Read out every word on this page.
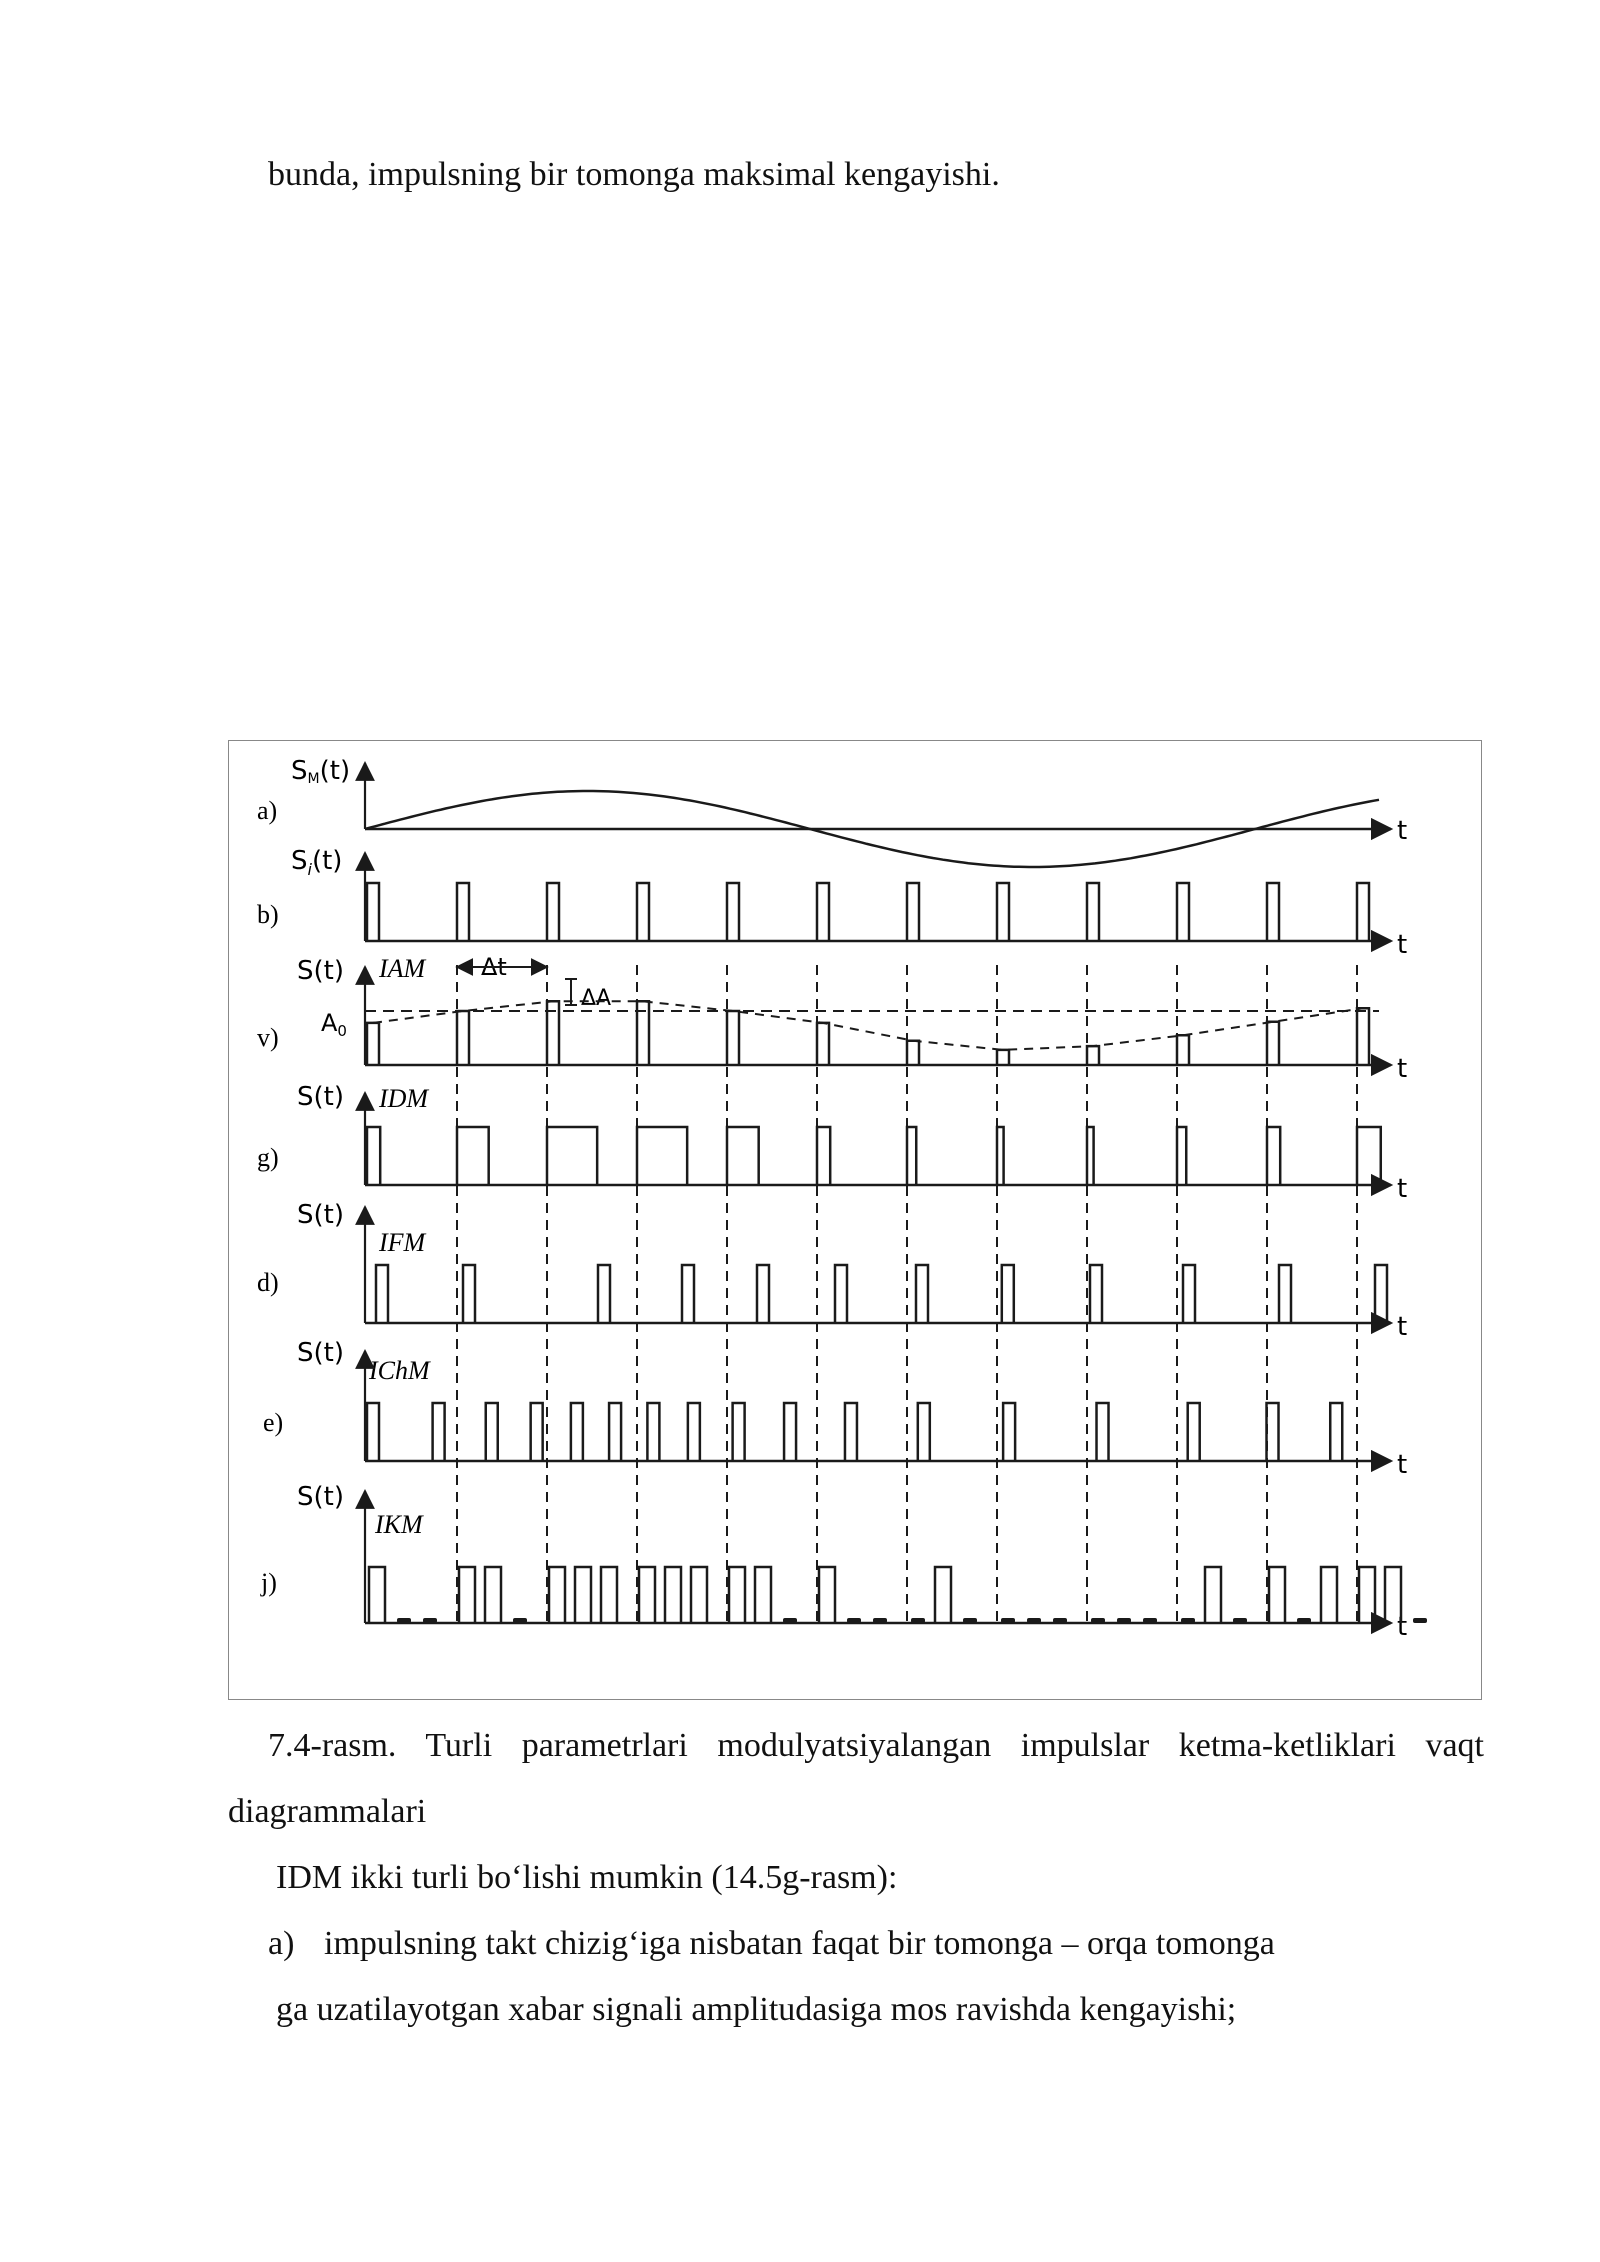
bunda, impulsning bir tomonga maksimal kengayishi.
a)
b)
v)
g)
d)
e)
j)
SM(t)
$S_i(t)$
S(t)
$A_0$
S(t)
S(t)
S(t)
S(t)
IAM
IDM
IFM
IChM
IKM
Δt
ΔA
t
t
t
t
t
t
t
7.4-rasm. Turli parametrlari modulyatsiyalangan impulslar ketma-ketliklari vaqt
diagrammalari
IDM ikki turli bo‘lishi mumkin (14.5g-rasm):
a) impulsning takt chizig‘iga nisbatan faqat bir tomonga – orqa tomonga
ga uzatilayotgan xabar signali amplitudasiga mos ravishda kengayishi;
